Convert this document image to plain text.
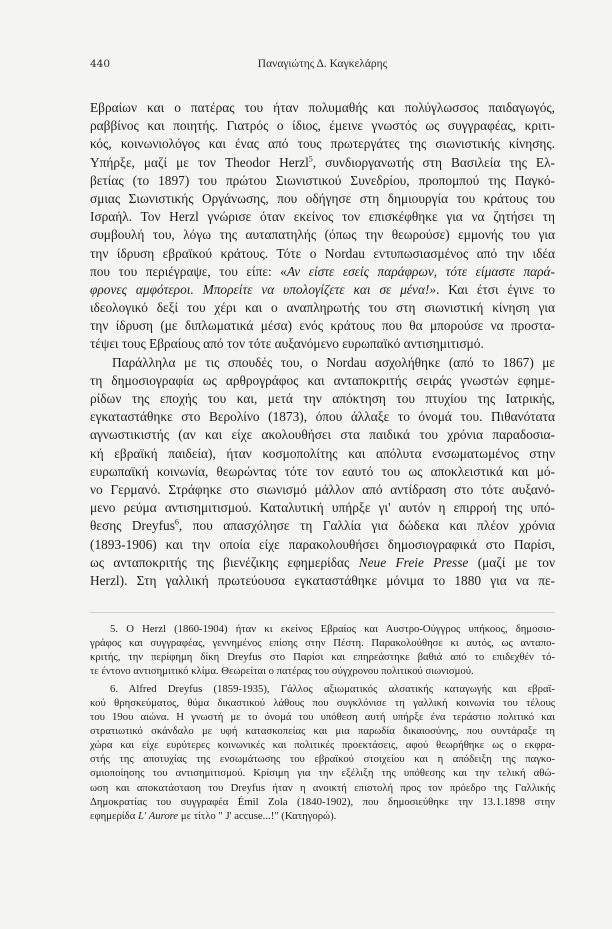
440	Παναγιώτης Δ. Καγκελάρης
Εβραίων και ο πατέρας του ήταν πολυμαθής και πολύγλωσσος παιδαγωγός,
ραββίνος και ποιητής. Γιατρός ο ίδιος, έμεινε γνωστός ως συγγραφέας, κριτι-
κός, κοινωνιολόγος και ένας από τους πρωτεργάτες της σιωνιστικής κίνησης.
Υπήρξε, μαζί με τον Theodor Herzl$^5$, συνδιοργανωτής στη Βασιλεία της Ελ-
βετίας (το 1897) του πρώτου Σιωνιστικού Συνεδρίου, προπομπού της Παγκό-
σμιας Σιωνιστικής Οργάνωσης, που οδήγησε στη δημιουργία του κράτους του
Ισραήλ. Τον Herzl γνώρισε όταν εκείνος τον επισκέφθηκε για να ζητήσει τη
συμβουλή του, λόγω της αυταπατηλής (όπως την θεωρούσε) εμμονής του για
την ίδρυση εβραϊκού κράτους. Τότε ο Nordau εντυπωσιασμένος από την ιδέα
που του περιέγραψε, του είπε: «Αν είστε εσείς παράφρων, τότε είμαστε παρά-
φρονες αμφότεροι. Μπορείτε να υπολογίζετε και σε μένα!». Και έτσι έγινε το
ιδεολογικό δεξί του χέρι και ο αναπληρωτής του στη σιωνιστική κίνηση για
την ίδρυση (με διπλωματικά μέσα) ενός κράτους που θα μπορούσε να προστα-
τέψει τους Εβραίους από τον τότε αυξανόμενο ευρωπαϊκό αντισημιτισμό.
Παράλληλα με τις σπουδές του, ο Nordau ασχολήθηκε (από το 1867) με
τη δημοσιογραφία ως αρθρογράφος και ανταποκριτής σειράς γνωστών εφημε-
ρίδων της εποχής του και, μετά την απόκτηση του πτυχίου της Ιατρικής,
εγκαταστάθηκε στο Βερολίνο (1873), όπου άλλαξε το όνομά του. Πιθανότατα
αγνωστικιστής (αν και είχε ακολουθήσει στα παιδικά του χρόνια παραδοσια-
κή εβραϊκή παιδεία), ήταν κοσμοπολίτης και απόλυτα ενσωματωμένος στην
ευρωπαϊκή κοινωνία, θεωρώντας τότε τον εαυτό του ως αποκλειστικά και μό-
νο Γερμανό. Στράφηκε στο σιωνισμό μάλλον από αντίδραση στο τότε αυξανό-
μενο ρεύμα αντισημιτισμού. Καταλυτική υπήρξε γι' αυτόν η επιρροή της υπό-
θεσης Dreyfus$^6$, που απασχόλησε τη Γαλλία για δώδεκα και πλέον χρόνια
(1893-1906) και την οποία είχε παρακολουθήσει δημοσιογραφικά στο Παρίσι,
ως ανταποκριτής της βιενέζικης εφημερίδας Neue Freie Presse (μαζί με τον
Herzl). Στη γαλλική πρωτεύουσα εγκαταστάθηκε μόνιμα το 1880 για να πε-
5. O Herzl (1860-1904) ήταν κι εκείνος Εβραίος και Αυστρο-Ούγγρος υπήκοος, δημοσιο-
γράφος και συγγραφέας, γεννημένος επίσης στην Πέστη. Παρακολούθησε κι αυτός, ως ανταπο-
κριτής, την περίφημη δίκη Dreyfus στο Παρίσι και επηρεάστηκε βαθιά από το επιδεχθέν τό-
τε έντονο αντισημιτικό κλίμα. Θεωρείται ο πατέρας του σύγχρονου πολιτικού σιωνισμού.
6. Alfred Dreyfus (1859-1935), Γάλλος αξιωματικός αλσατικής καταγωγής και εβραϊ-
κού θρησκεύματος, θύμα δικαστικού λάθους που συγκλόνισε τη γαλλική κοινωνία του τέλους
του 19ου αιώνα. Η γνωστή με το όνομά του υπόθεση αυτή υπήρξε ένα τεράστιο πολιτικό και
στρατιωτικό σκάνδαλο με υφή κατασκοπείας και μια παρωδία δικαιοσύνης, που συντάραξε τη
χώρα και είχε ευρύτερες κοινωνικές και πολιτικές προεκτάσεις, αφού θεωρήθηκε ως ο εκφρα-
στής της αποτυχίας της ενσωμάτωσης του εβραϊκού στοιχείου και η απόδειξη της παγκο-
σμιοποίησης του αντισημιτισμού. Κρίσιμη για την εξέλιξη της υπόθεσης και την τελική αθώ-
ωση και αποκατάσταση του Dreyfus ήταν η ανοικτή επιστολή προς τον πρόεδρο της Γαλλικής
Δημοκρατίας του συγγραφέα Émil Zola (1840-1902), που δημοσιεύθηκε την 13.1.1898 στην
εφημερίδα L' Aurore με τίτλο " J' accuse...!" (Κατηγορώ).
